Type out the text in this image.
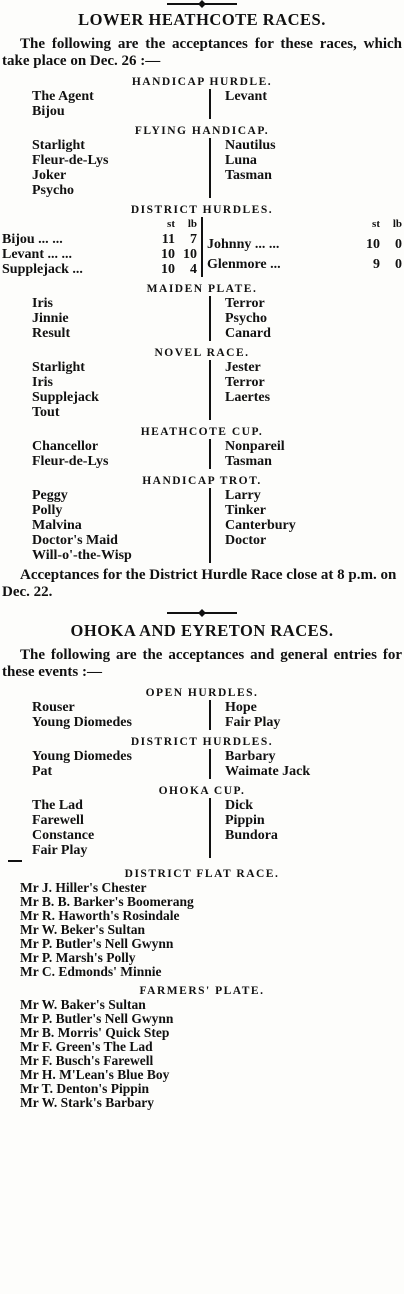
LOWER HEATHCOTE RACES.

The following are the acceptances for these races, which take place on Dec. 26 :—

HANDICAP HURDLE.
The Agent
Bijou
Levant
FLYING HANDICAP.
Starlight
Fleur-de-Lys
Joker
Psycho
Nautilus
Luna
Tasman
DISTRICT HURDLES.
st	lb
Bijou ... ...	11	7
Levant ... ...	10 10
Supplejack ...	10	4
st	lb
Johnny ... ...	10	0
Glenmore ...	9	0
MAIDEN PLATE.
Iris
Jinnie
Result
Terror
Psycho
Canard
NOVEL RACE.
Starlight
Iris
Supplejack
Tout
Jester
Terror
Laertes
HEATHCOTE CUP.
Chancellor
Fleur-de-Lys
Nonpareil
Tasman
HANDICAP TROT.
Peggy
Polly
Malvina
Doctor's Maid
Will-o'-the-Wisp
Larry
Tinker
Canterbury
Doctor

Acceptances for the District Hurdle Race close at 8 p.m. on Dec. 22.

OHOKA AND EYRETON RACES.

The following are the acceptances and general entries for these events :—

OPEN HURDLES.
Rouser
Young Diomedes
Hope
Fair Play
DISTRICT HURDLES.
Young Diomedes
Pat
Barbary
Waimate Jack
OHOKA CUP.
The Lad
Farewell
Constance
Fair Play
Dick
Pippin
Bundora
DISTRICT FLAT RACE.
Mr J. Hiller's Chester
Mr B. B. Barker's Boomerang
Mr R. Haworth's Rosindale
Mr W. Beker's Sultan
Mr P. Butler's Nell Gwynn
Mr P. Marsh's Polly
Mr C. Edmonds' Minnie
FARMERS' PLATE.
Mr W. Baker's Sultan
Mr P. Butler's Nell Gwynn
Mr B. Morris' Quick Step
Mr F. Green's The Lad
Mr F. Busch's Farewell
Mr H. M'Lean's Blue Boy
Mr T. Denton's Pippin
Mr W. Stark's Barbary
